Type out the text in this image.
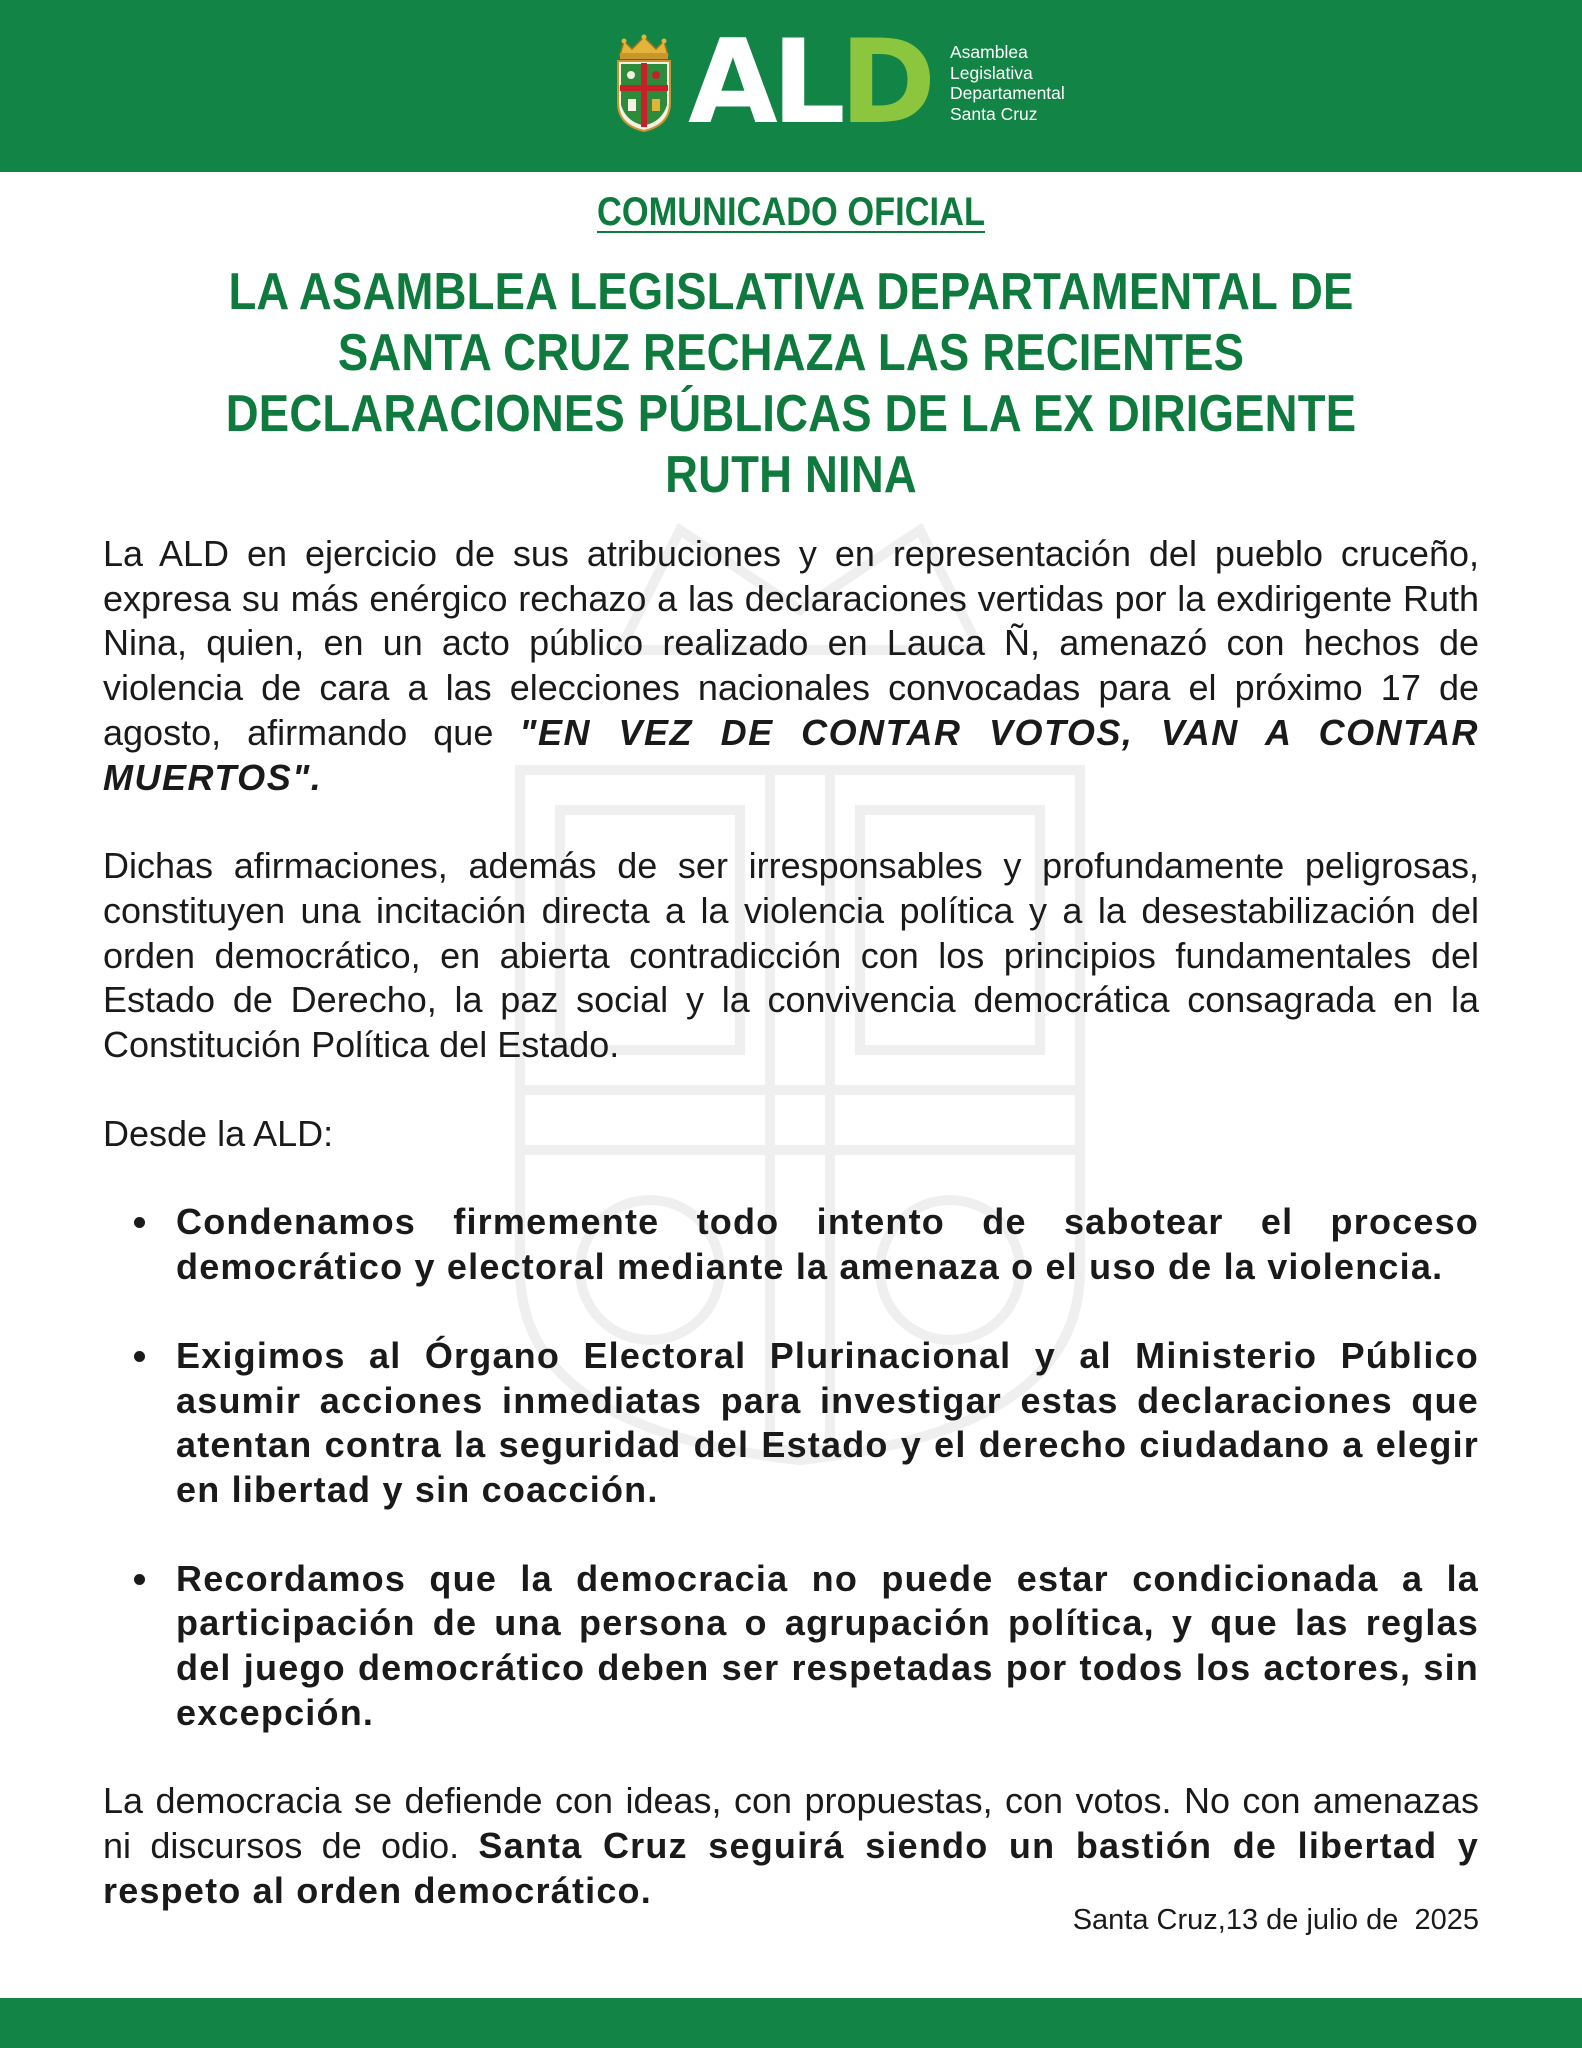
A L D Asamblea
Legislativa
Departamental
Santa Cruz
COMUNICADO OFICIAL
LA ASAMBLEA LEGISLATIVA DEPARTAMENTAL DE SANTA CRUZ RECHAZA LAS RECIENTES DECLARACIONES PÚBLICAS DE LA EX DIRIGENTE RUTH NINA

La ALD en ejercicio de sus atribuciones y en representación del pueblo cruceño, expresa su más enérgico rechazo a las declaraciones vertidas por la exdirigente Ruth Nina, quien, en un acto público realizado en Lauca Ñ, amenazó con hechos de violencia de cara a las elecciones nacionales convocadas para el próximo 17 de agosto, afirmando que "EN VEZ DE CONTAR VOTOS, VAN A CONTAR MUERTOS".

Dichas afirmaciones, además de ser irresponsables y profundamente peligrosas, constituyen una incitación directa a la violencia política y a la desestabilización del orden democrático, en abierta contradicción con los principios fundamentales del Estado de Derecho, la paz social y la convivencia democrática consagrada en la Constitución Política del Estado.

Desde la ALD:

Condenamos firmemente todo intento de sabotear el proceso democrático y electoral mediante la amenaza o el uso de la violencia.
Exigimos al Órgano Electoral Plurinacional y al Ministerio Público asumir acciones inmediatas para investigar estas declaraciones que atentan contra la seguridad del Estado y el derecho ciudadano a elegir en libertad y sin coacción.
Recordamos que la democracia no puede estar condicionada a la participación de una persona o agrupación política, y que las reglas del juego democrático deben ser respetadas por todos los actores, sin excepción.

La democracia se defiende con ideas, con propuestas, con votos. No con amenazas ni discursos de odio. Santa Cruz seguirá siendo un bastión de libertad y respeto al orden democrático.

Santa Cruz,13 de julio de  2025
